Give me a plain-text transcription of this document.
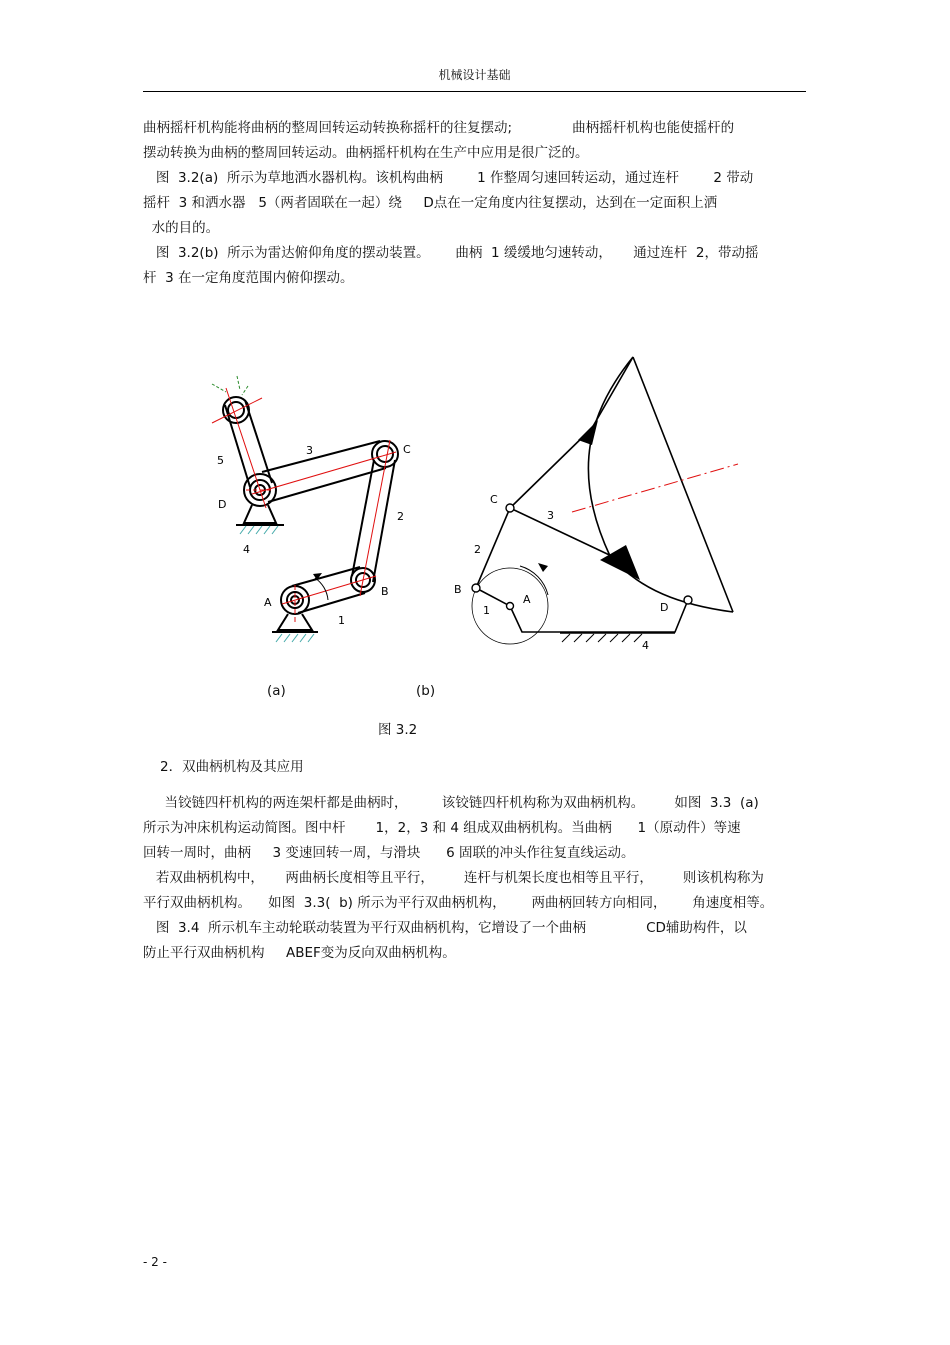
机械设计基础
曲柄摇杆机构能将曲柄的整周回转运动转换称摇杆的往复摆动;              曲柄摇杆机构也能使摇杆的
摆动转换为曲柄的整周回转运动。曲柄摇杆机构在生产中应用是很广泛的。
图  3.2(a)  所示为草地洒水器机构。该机构曲柄        1 作整周匀速回转运动，通过连杆        2 带动
摇杆  3 和洒水器   5（两者固联在一起）绕     D点在一定角度内往复摆动，达到在一定面积上洒
水的目的。
图  3.2(b)  所示为雷达俯仰角度的摆动装置。      曲柄  1 缓缓地匀速转动，     通过连杆  2，带动摇
杆  3 在一定角度范围内俯仰摆动。
5
3	C
D
2
4
A
B
1
C
3
2
B
1
A
D
4
(a)	(b)
图 3.2
2．双曲柄机构及其应用
当铰链四杆机构的两连架杆都是曲柄时，        该铰链四杆机构称为双曲柄机构。       如图  3.3  (a)
所示为冲床机构运动简图。图中杆       1，2，3 和 4 组成双曲柄机构。当曲柄      1（原动件）等速
回转一周时，曲柄     3 变速回转一周，与滑块      6 固联的冲头作往复直线运动。
若双曲柄机构中，     两曲柄长度相等且平行，       连杆与机架长度也相等且平行，       则该机构称为
平行双曲柄机构。    如图  3.3(  b) 所示为平行双曲柄机构，      两曲柄回转方向相同，      角速度相等。
图  3.4  所示机车主动轮联动装置为平行双曲柄机构，它增设了一个曲柄              CD辅助构件，以
防止平行双曲柄机构     ABEF变为反向双曲柄机构。
- 2 -
